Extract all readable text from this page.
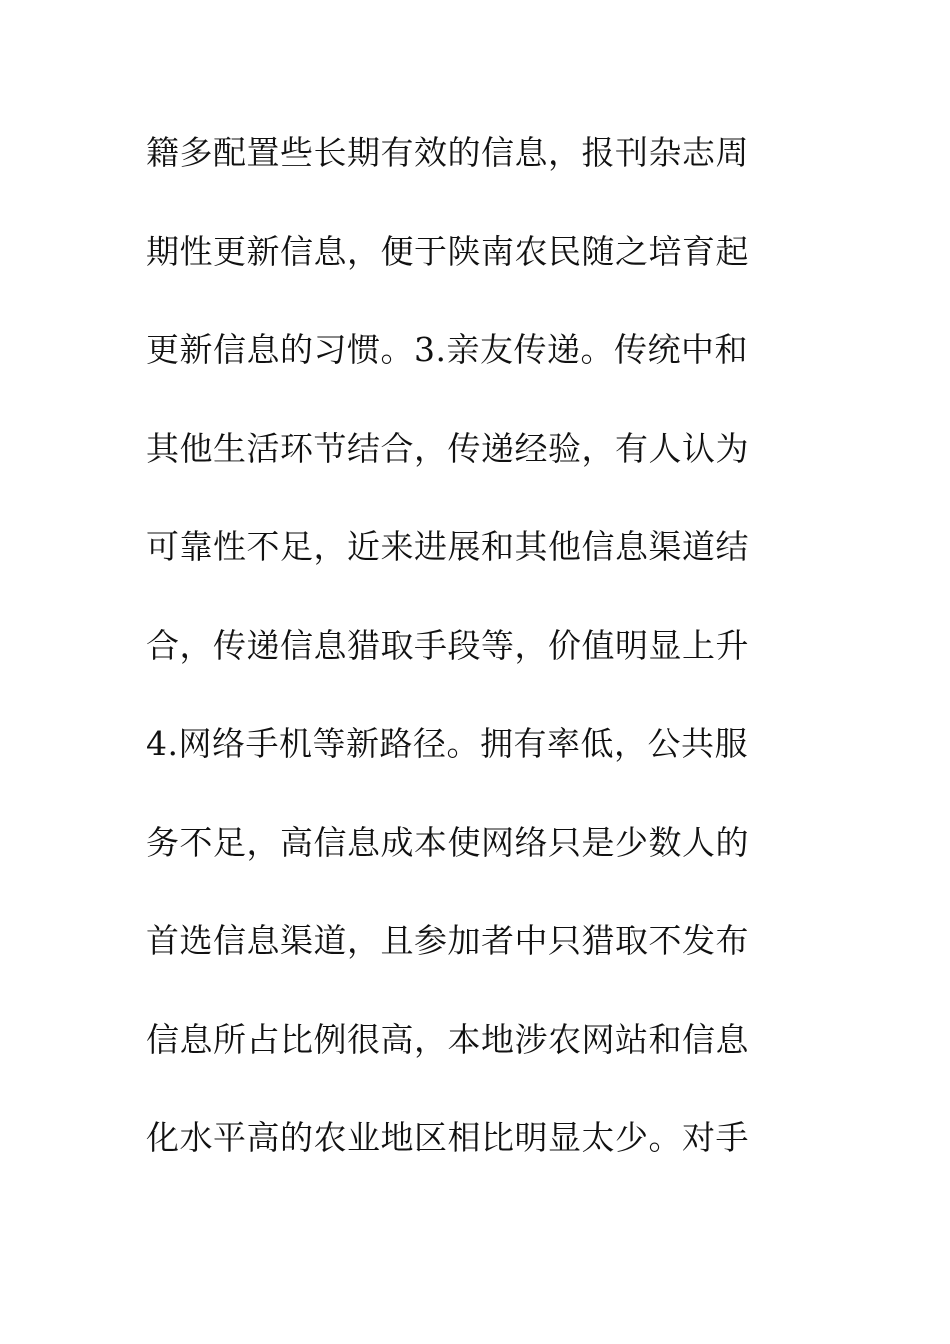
籍多配置些长期有效的信息，报刊杂志周
期性更新信息，便于陕南农民随之培育起
更新信息的习惯。3.亲友传递。传统中和
其他生活环节结合，传递经验，有人认为
可靠性不足，近来进展和其他信息渠道结
合，传递信息猎取手段等，价值明显上升
4.网络手机等新路径。拥有率低，公共服
务不足，高信息成本使网络只是少数人的
首选信息渠道，且参加者中只猎取不发布
信息所占比例很高，本地涉农网站和信息
化水平高的农业地区相比明显太少。对手
